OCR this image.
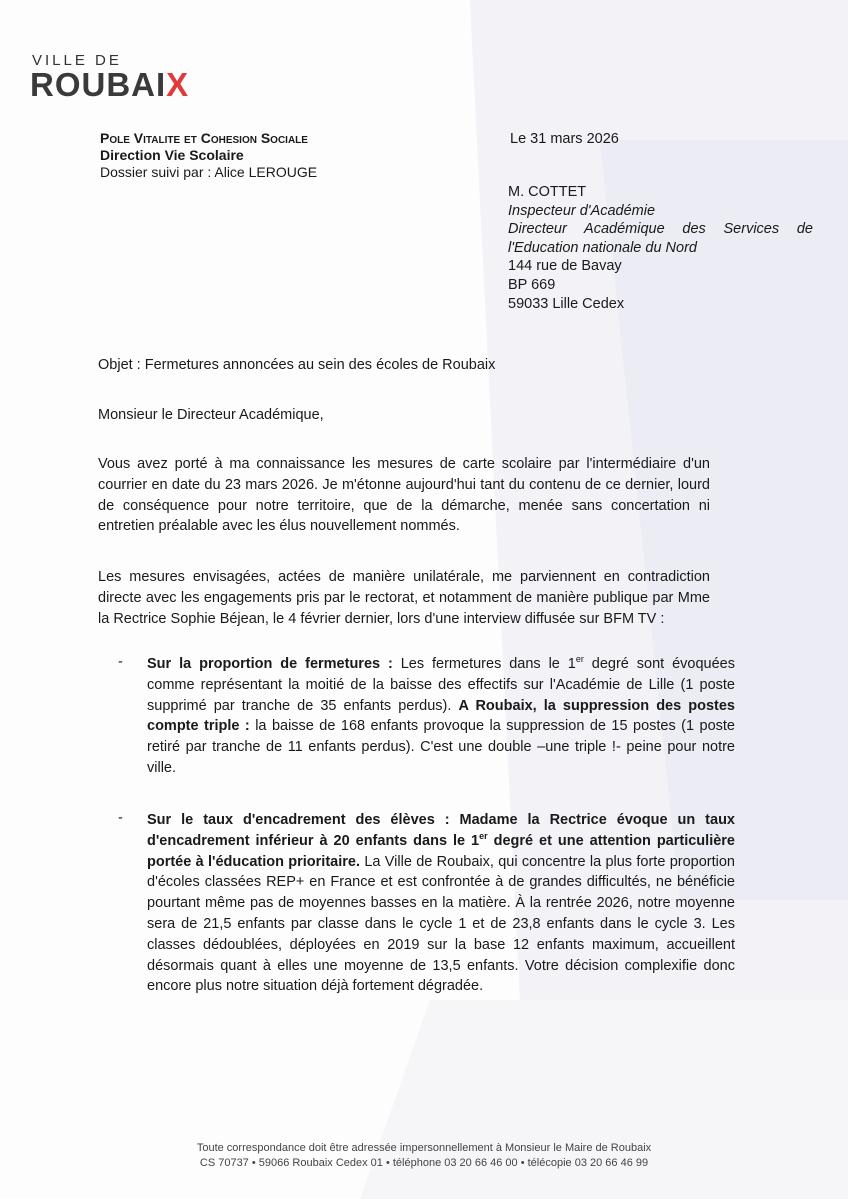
VILLE DE
ROUBAIX
Pole Vitalite et Cohesion Sociale
Direction Vie Scolaire
Dossier suivi par : Alice LEROUGE
Le 31 mars 2026
M. COTTET
Inspecteur d'Académie
Directeur Académique des Services de l'Education nationale du Nord
144 rue de Bavay
BP 669
59033 Lille Cedex
Objet : Fermetures annoncées au sein des écoles de Roubaix
Monsieur le Directeur Académique,
Vous avez porté à ma connaissance les mesures de carte scolaire par l'intermédiaire d'un courrier en date du 23 mars 2026. Je m'étonne aujourd'hui tant du contenu de ce dernier, lourd de conséquence pour notre territoire, que de la démarche, menée sans concertation ni entretien préalable avec les élus nouvellement nommés.
Les mesures envisagées, actées de manière unilatérale, me parviennent en contradiction directe avec les engagements pris par le rectorat, et notamment de manière publique par Mme la Rectrice Sophie Béjean, le 4 février dernier, lors d'une interview diffusée sur BFM TV :
- Sur la proportion de fermetures : Les fermetures dans le 1er degré sont évoquées comme représentant la moitié de la baisse des effectifs sur l'Académie de Lille (1 poste supprimé par tranche de 35 enfants perdus). A Roubaix, la suppression des postes compte triple : la baisse de 168 enfants provoque la suppression de 15 postes (1 poste retiré par tranche de 11 enfants perdus). C'est une double –une triple !- peine pour notre ville.
- Sur le taux d'encadrement des élèves : Madame la Rectrice évoque un taux d'encadrement inférieur à 20 enfants dans le 1er degré et une attention particulière portée à l'éducation prioritaire. La Ville de Roubaix, qui concentre la plus forte proportion d'écoles classées REP+ en France et est confrontée à de grandes difficultés, ne bénéficie pourtant même pas de moyennes basses en la matière. À la rentrée 2026, notre moyenne sera de 21,5 enfants par classe dans le cycle 1 et de 23,8 enfants dans le cycle 3. Les classes dédoublées, déployées en 2019 sur la base 12 enfants maximum, accueillent désormais quant à elles une moyenne de 13,5 enfants. Votre décision complexifie donc encore plus notre situation déjà fortement dégradée.
Toute correspondance doit être adressée impersonnellement à Monsieur le Maire de Roubaix
CS 70737 • 59066 Roubaix Cedex 01 • téléphone 03 20 66 46 00 • télécopie 03 20 66 46 99
